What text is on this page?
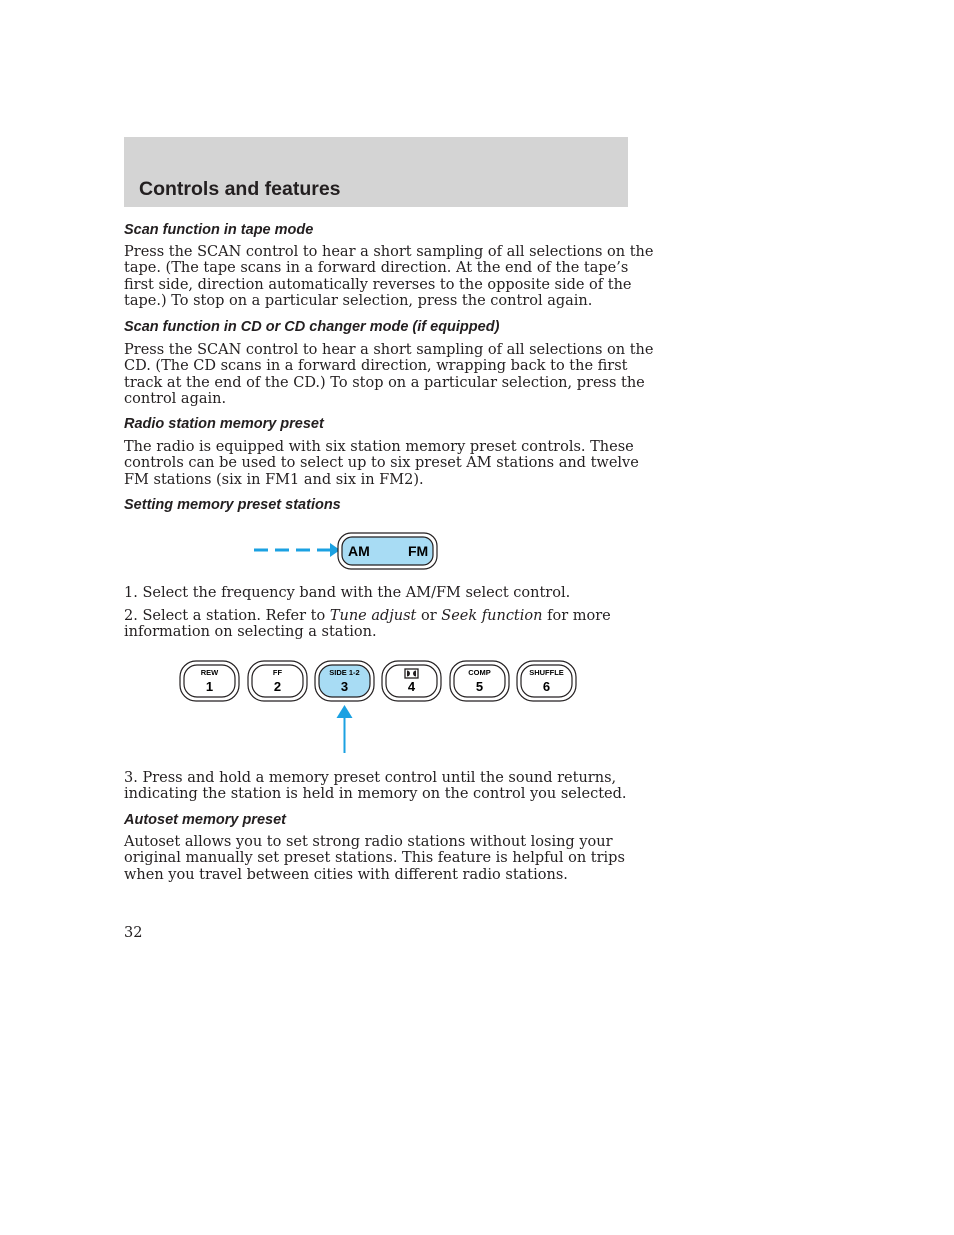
Controls and features
Scan function in tape mode

Press the SCAN control to hear a short sampling of all selections on the
tape. (The tape scans in a forward direction. At the end of the tape’s
first side, direction automatically reverses to the opposite side of the
tape.) To stop on a particular selection, press the control again.

Scan function in CD or CD changer mode (if equipped)

Press the SCAN control to hear a short sampling of all selections on the
CD. (The CD scans in a forward direction, wrapping back to the first
track at the end of the CD.) To stop on a particular selection, press the
control again.

Radio station memory preset

The radio is equipped with six station memory preset controls. These
controls can be used to select up to six preset AM stations and twelve
FM stations (six in FM1 and six in FM2).

Setting memory preset stations
AM	FM

1. Select the frequency band with the AM/FM select control.

2. Select a station. Refer to Tune adjust or Seek function for more
information on selecting a station.

REW
1
FF
2
SIDE 1-2
3	4
COMP
5
SHUFFLE
6

3. Press and hold a memory preset control until the sound returns,
indicating the station is held in memory on the control you selected.

Autoset memory preset

Autoset allows you to set strong radio stations without losing your
original manually set preset stations. This feature is helpful on trips
when you travel between cities with different radio stations.

32
